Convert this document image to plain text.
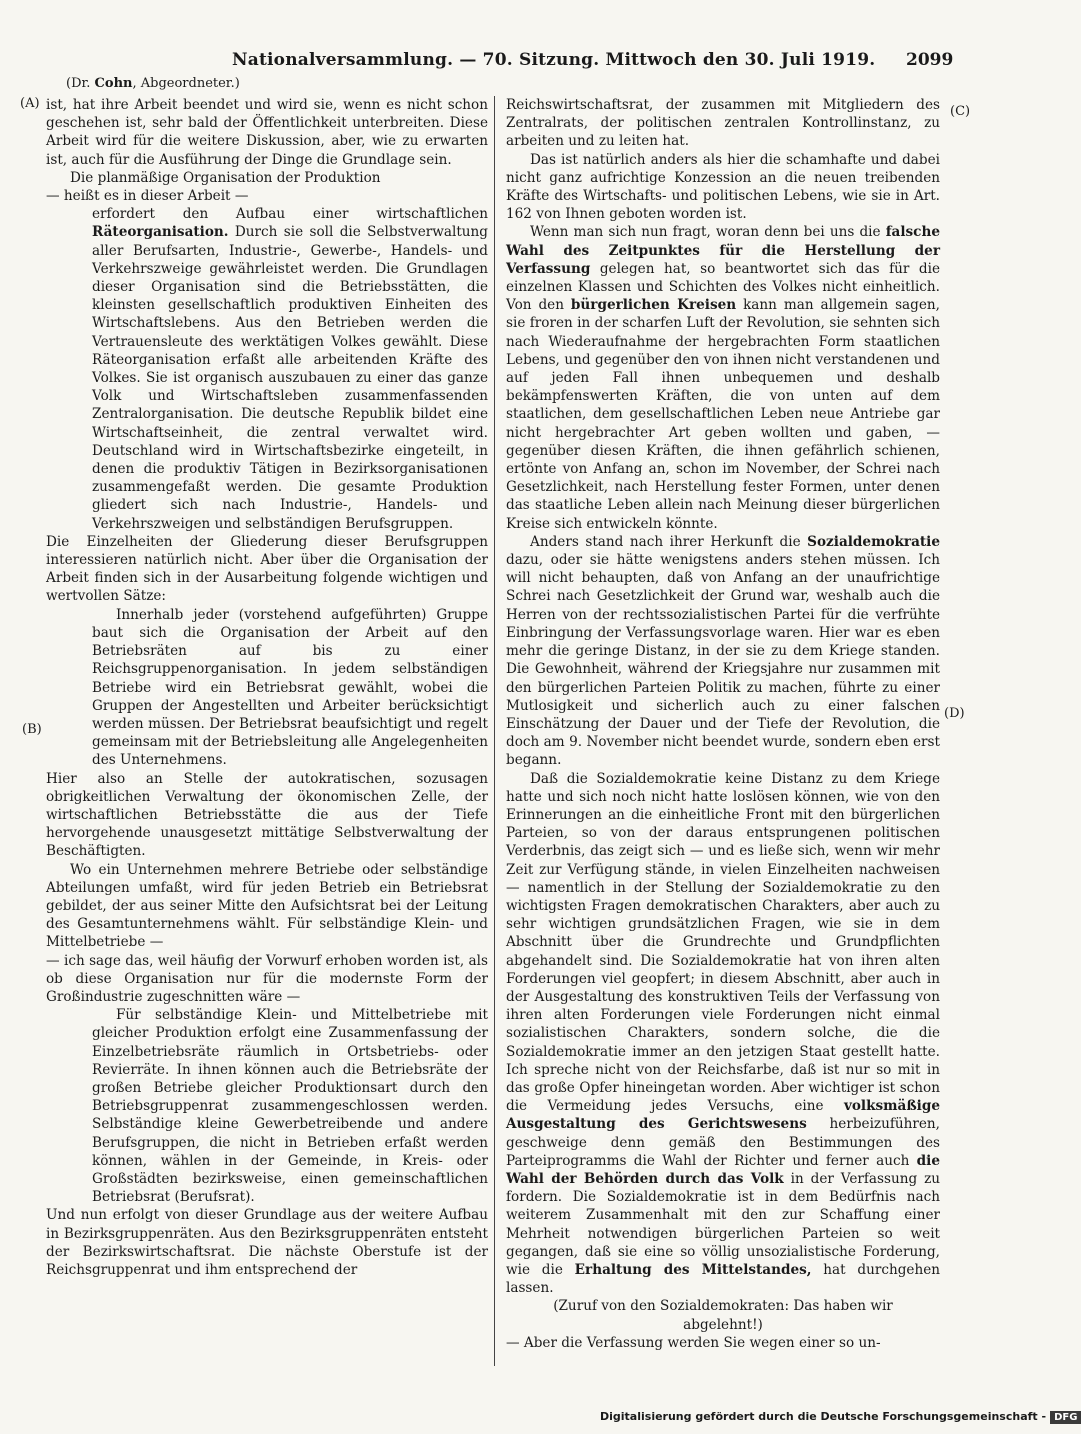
Nationalversammlung. — 70. Sitzung. Mittwoch den 30. Juli 1919. 2099
(Dr. Cohn, Abgeordneter.)
(A)
(B)
(C)
(D)

ist, hat ihre Arbeit beendet und wird sie, wenn es nicht schon geschehen ist, sehr bald der Öffentlichkeit unterbreiten. Diese Arbeit wird für die weitere Diskussion, aber, wie zu erwarten ist, auch für die Ausführung der Dinge die Grundlage sein.

Die planmäßige Organisation der Produktion

— heißt es in dieser Arbeit —

erfordert den Aufbau einer wirtschaftlichen Räteorganisation. Durch sie soll die Selbstverwaltung aller Berufsarten, Industrie-, Gewerbe-, Handels- und Verkehrszweige gewährleistet werden. Die Grundlagen dieser Organisation sind die Betriebsstätten, die kleinsten gesellschaftlich produktiven Einheiten des Wirtschaftslebens. Aus den Betrieben werden die Vertrauensleute des werktätigen Volkes gewählt. Diese Räteorganisation erfaßt alle arbeitenden Kräfte des Volkes. Sie ist organisch auszubauen zu einer das ganze Volk und Wirtschaftsleben zusammenfassenden Zentralorganisation. Die deutsche Republik bildet eine Wirtschaftseinheit, die zentral verwaltet wird. Deutschland wird in Wirtschaftsbezirke eingeteilt, in denen die produktiv Tätigen in Bezirksorganisationen zusammengefaßt werden. Die gesamte Produktion gliedert sich nach Industrie-, Handels- und Verkehrszweigen und selbständigen Berufsgruppen.

Die Einzelheiten der Gliederung dieser Berufsgruppen interessieren natürlich nicht. Aber über die Organisation der Arbeit finden sich in der Ausarbeitung folgende wichtigen und wertvollen Sätze:

Innerhalb jeder (vorstehend aufgeführten) Gruppe baut sich die Organisation der Arbeit auf den Betriebsräten auf bis zu einer Reichsgruppenorganisation. In jedem selbständigen Betriebe wird ein Betriebsrat gewählt, wobei die Gruppen der Angestellten und Arbeiter berücksichtigt werden müssen. Der Betriebsrat beaufsichtigt und regelt gemeinsam mit der Betriebsleitung alle Angelegenheiten des Unternehmens.

Hier also an Stelle der autokratischen, sozusagen obrigkeitlichen Verwaltung der ökonomischen Zelle, der wirtschaftlichen Betriebsstätte die aus der Tiefe hervorgehende unausgesetzt mittätige Selbstverwaltung der Beschäftigten.

Wo ein Unternehmen mehrere Betriebe oder selbständige Abteilungen umfaßt, wird für jeden Betrieb ein Betriebsrat gebildet, der aus seiner Mitte den Aufsichtsrat bei der Leitung des Gesamtunternehmens wählt. Für selbständige Klein- und Mittelbetriebe —

— ich sage das, weil häufig der Vorwurf erhoben worden ist, als ob diese Organisation nur für die modernste Form der Großindustrie zugeschnitten wäre —

Für selbständige Klein- und Mittelbetriebe mit gleicher Produktion erfolgt eine Zusammenfassung der Einzelbetriebsräte räumlich in Ortsbetriebs- oder Revierräte. In ihnen können auch die Betriebsräte der großen Betriebe gleicher Produktionsart durch den Betriebsgruppenrat zusammengeschlossen werden. Selbständige kleine Gewerbetreibende und andere Berufsgruppen, die nicht in Betrieben erfaßt werden können, wählen in der Gemeinde, in Kreis- oder Großstädten bezirksweise, einen gemeinschaftlichen Betriebsrat (Berufsrat).

Und nun erfolgt von dieser Grundlage aus der weitere Aufbau in Bezirksgruppenräten. Aus den Bezirksgruppenräten entsteht der Bezirkswirtschaftsrat. Die nächste Oberstufe ist der Reichsgruppenrat und ihm entsprechend der

Reichswirtschaftsrat, der zusammen mit Mitgliedern des Zentralrats, der politischen zentralen Kontrollinstanz, zu arbeiten und zu leiten hat.

Das ist natürlich anders als hier die schamhafte und dabei nicht ganz aufrichtige Konzession an die neuen treibenden Kräfte des Wirtschafts- und politischen Lebens, wie sie in Art. 162 von Ihnen geboten worden ist.

Wenn man sich nun fragt, woran denn bei uns die falsche Wahl des Zeitpunktes für die Herstellung der Verfassung gelegen hat, so beantwortet sich das für die einzelnen Klassen und Schichten des Volkes nicht einheitlich. Von den bürgerlichen Kreisen kann man allgemein sagen, sie froren in der scharfen Luft der Revolution, sie sehnten sich nach Wiederaufnahme der hergebrachten Form staatlichen Lebens, und gegenüber den von ihnen nicht verstandenen und auf jeden Fall ihnen unbequemen und deshalb bekämpfenswerten Kräften, die von unten auf dem staatlichen, dem gesellschaftlichen Leben neue Antriebe gar nicht hergebrachter Art geben wollten und gaben, — gegenüber diesen Kräften, die ihnen gefährlich schienen, ertönte von Anfang an, schon im November, der Schrei nach Gesetzlichkeit, nach Herstellung fester Formen, unter denen das staatliche Leben allein nach Meinung dieser bürgerlichen Kreise sich entwickeln könnte.

Anders stand nach ihrer Herkunft die Sozialdemokratie dazu, oder sie hätte wenigstens anders stehen müssen. Ich will nicht behaupten, daß von Anfang an der unaufrichtige Schrei nach Gesetzlichkeit der Grund war, weshalb auch die Herren von der rechtssozialistischen Partei für die verfrühte Einbringung der Verfassungsvorlage waren. Hier war es eben mehr die geringe Distanz, in der sie zu dem Kriege standen. Die Gewohnheit, während der Kriegsjahre nur zusammen mit den bürgerlichen Parteien Politik zu machen, führte zu einer Mutlosigkeit und sicherlich auch zu einer falschen Einschätzung der Dauer und der Tiefe der Revolution, die doch am 9. November nicht beendet wurde, sondern eben erst begann.

Daß die Sozialdemokratie keine Distanz zu dem Kriege hatte und sich noch nicht hatte loslösen können, wie von den Erinnerungen an die einheitliche Front mit den bürgerlichen Parteien, so von der daraus entsprungenen politischen Verderbnis, das zeigt sich — und es ließe sich, wenn wir mehr Zeit zur Verfügung stände, in vielen Einzelheiten nachweisen — namentlich in der Stellung der Sozialdemokratie zu den wichtigsten Fragen demokratischen Charakters, aber auch zu sehr wichtigen grundsätzlichen Fragen, wie sie in dem Abschnitt über die Grundrechte und Grundpflichten abgehandelt sind. Die Sozialdemokratie hat von ihren alten Forderungen viel geopfert; in diesem Abschnitt, aber auch in der Ausgestaltung des konstruktiven Teils der Verfassung von ihren alten Forderungen viele Forderungen nicht einmal sozialistischen Charakters, sondern solche, die die Sozialdemokratie immer an den jetzigen Staat gestellt hatte. Ich spreche nicht von der Reichsfarbe, daß ist nur so mit in das große Opfer hineingetan worden. Aber wichtiger ist schon die Vermeidung jedes Versuchs, eine volksmäßige Ausgestaltung des Gerichtswesens herbeizuführen, geschweige denn gemäß den Bestimmungen des Parteiprogramms die Wahl der Richter und ferner auch die Wahl der Behörden durch das Volk in der Verfassung zu fordern. Die Sozialdemokratie ist in dem Bedürfnis nach weiterem Zusammenhalt mit den zur Schaffung einer Mehrheit notwendigen bürgerlichen Parteien so weit gegangen, daß sie eine so völlig unsozialistische Forderung, wie die Erhaltung des Mittelstandes, hat durchgehen lassen.

(Zuruf von den Sozialdemokraten: Das haben wir abgelehnt!)

— Aber die Verfassung werden Sie wegen einer so un-

Digitalisierung gefördert durch die Deutsche Forschungsgemeinschaft - DFG
